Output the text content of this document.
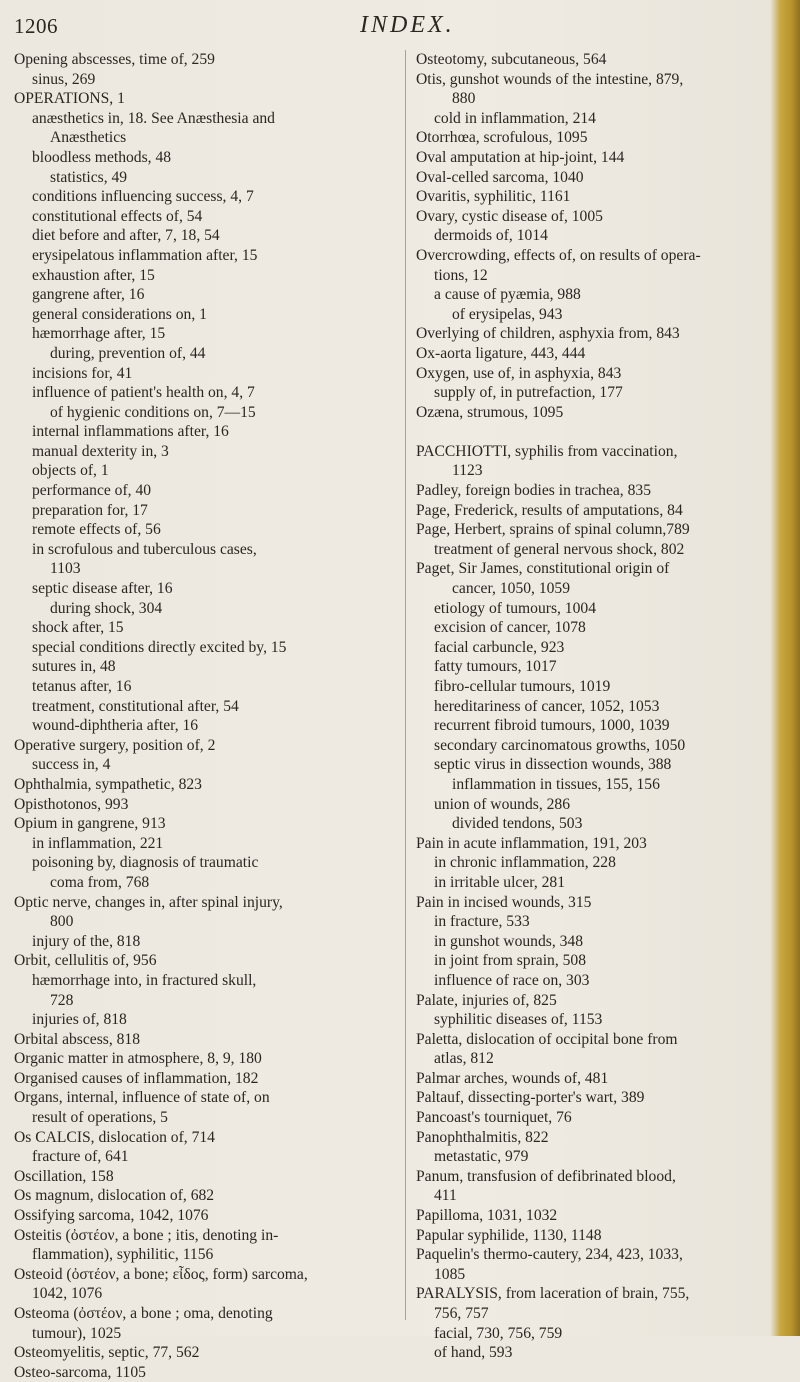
1206	INDEX.
Opening abscesses, time of, 259
sinus, 269
OPERATIONS, 1
anæsthetics in, 18. See Anæsthesia and
Anæsthetics
bloodless methods, 48
statistics, 49
conditions influencing success, 4, 7
constitutional effects of, 54
diet before and after, 7, 18, 54
erysipelatous inflammation after, 15
exhaustion after, 15
gangrene after, 16
general considerations on, 1
hæmorrhage after, 15
during, prevention of, 44
incisions for, 41
influence of patient's health on, 4, 7
of hygienic conditions on, 7—15
internal inflammations after, 16
manual dexterity in, 3
objects of, 1
performance of, 40
preparation for, 17
remote effects of, 56
in scrofulous and tuberculous cases,
1103
septic disease after, 16
during shock, 304
shock after, 15
special conditions directly excited by, 15
sutures in, 48
tetanus after, 16
treatment, constitutional after, 54
wound-diphtheria after, 16
Operative surgery, position of, 2
success in, 4
Ophthalmia, sympathetic, 823
Opisthotonos, 993
Opium in gangrene, 913
in inflammation, 221
poisoning by, diagnosis of traumatic
coma from, 768
Optic nerve, changes in, after spinal injury,
800
injury of the, 818
Orbit, cellulitis of, 956
hæmorrhage into, in fractured skull,
728
injuries of, 818
Orbital abscess, 818
Organic matter in atmosphere, 8, 9, 180
Organised causes of inflammation, 182
Organs, internal, influence of state of, on
result of operations, 5
Os CALCIS, dislocation of, 714
fracture of, 641
Oscillation, 158
Os magnum, dislocation of, 682
Ossifying sarcoma, 1042, 1076
Osteitis (ὀστέον, a bone ; itis, denoting in-
flammation), syphilitic, 1156
Osteoid (ὀστέον, a bone; εἶδος, form) sarcoma,
1042, 1076
Osteoma (ὀστέον, a bone ; oma, denoting
tumour), 1025
Osteomyelitis, septic, 77, 562
Osteo-sarcoma, 1105
Osteotomy, subcutaneous, 564
Otis, gunshot wounds of the intestine, 879,
880
cold in inflammation, 214
Otorrhœa, scrofulous, 1095
Oval amputation at hip-joint, 144
Oval-celled sarcoma, 1040
Ovaritis, syphilitic, 1161
Ovary, cystic disease of, 1005
dermoids of, 1014
Overcrowding, effects of, on results of opera-
tions, 12
a cause of pyæmia, 988
of erysipelas, 943
Overlying of children, asphyxia from, 843
Ox-aorta ligature, 443, 444
Oxygen, use of, in asphyxia, 843
supply of, in putrefaction, 177
Ozæna, strumous, 1095
PACCHIOTTI, syphilis from vaccination,
1123
Padley, foreign bodies in trachea, 835
Page, Frederick, results of amputations, 84
Page, Herbert, sprains of spinal column,789
treatment of general nervous shock, 802
Paget, Sir James, constitutional origin of
cancer, 1050, 1059
etiology of tumours, 1004
excision of cancer, 1078
facial carbuncle, 923
fatty tumours, 1017
fibro-cellular tumours, 1019
hereditariness of cancer, 1052, 1053
recurrent fibroid tumours, 1000, 1039
secondary carcinomatous growths, 1050
septic virus in dissection wounds, 388
inflammation in tissues, 155, 156
union of wounds, 286
divided tendons, 503
Pain in acute inflammation, 191, 203
in chronic inflammation, 228
in irritable ulcer, 281
Pain in incised wounds, 315
in fracture, 533
in gunshot wounds, 348
in joint from sprain, 508
influence of race on, 303
Palate, injuries of, 825
syphilitic diseases of, 1153
Paletta, dislocation of occipital bone from
atlas, 812
Palmar arches, wounds of, 481
Paltauf, dissecting-porter's wart, 389
Pancoast's tourniquet, 76
Panophthalmitis, 822
metastatic, 979
Panum, transfusion of defibrinated blood,
411
Papilloma, 1031, 1032
Papular syphilide, 1130, 1148
Paquelin's thermo-cautery, 234, 423, 1033,
1085
PARALYSIS, from laceration of brain, 755,
756, 757
facial, 730, 756, 759
of hand, 593
